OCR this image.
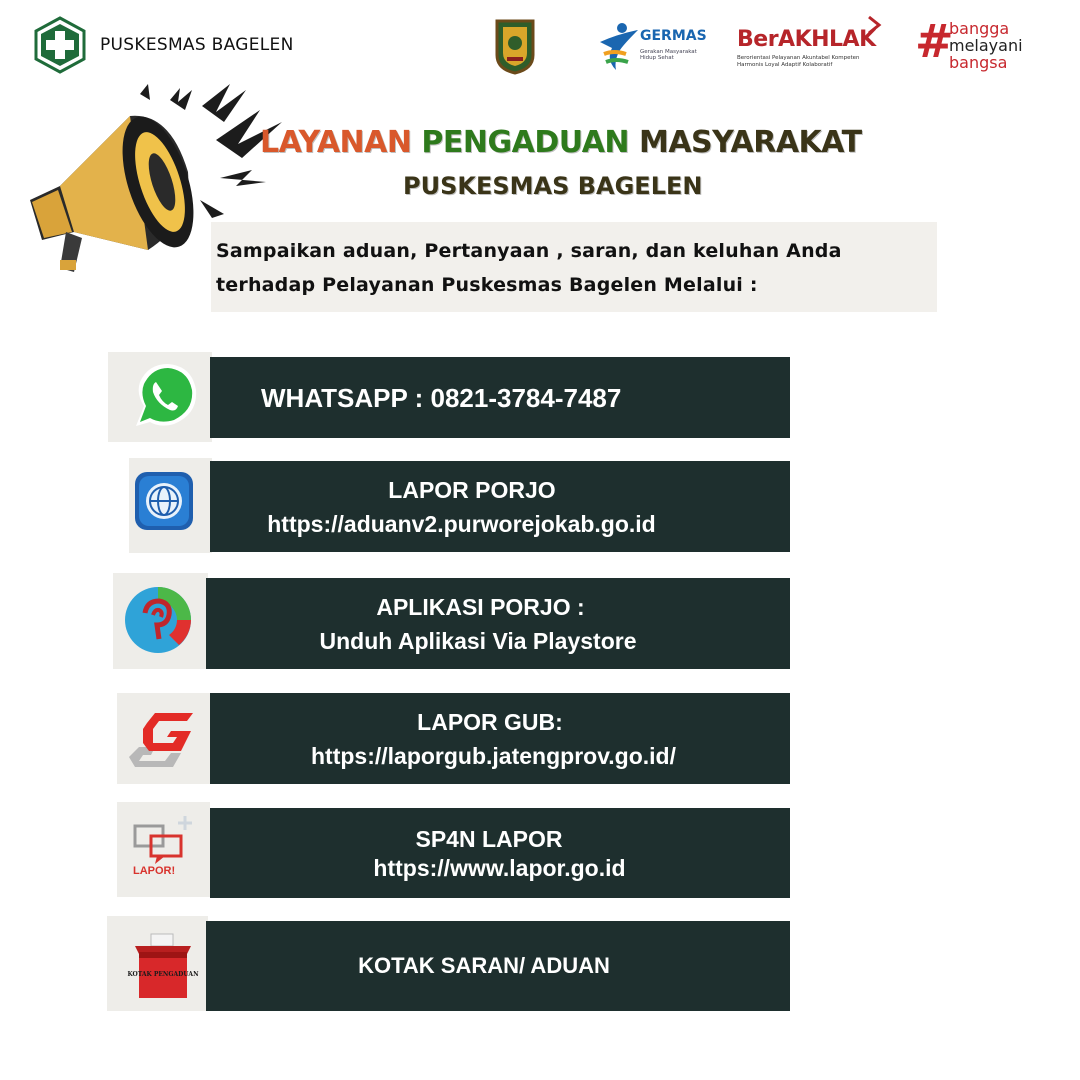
PUSKESMAS BAGELEN	GERMAS
Gerakan Masyarakat Hidup Sehat
BerAKHLAK
Berorientasi Pelayanan Akuntabel Kompeten Harmonis Loyal Adaptif Kolaboratif	#
bangga
melayani
bangsa
LAYANAN PENGADUAN MASYARAKAT
PUSKESMAS BAGELEN
Sampaikan aduan, Pertanyaan , saran, dan keluhan Anda
terhadap Pelayanan Puskesmas Bagelen Melalui :
WHATSAPP : 0821-3784-7487
LAPOR PORJO
https://aduanv2.purworejokab.go.id
APLIKASI PORJO :
Unduh Aplikasi Via Playstore
LAPOR GUB:
https://laporgub.jatengprov.go.id/
LAPOR!
SP4N LAPOR
https://www.lapor.go.id
KOTAK PENGADUAN	KOTAK SARAN/ ADUAN
